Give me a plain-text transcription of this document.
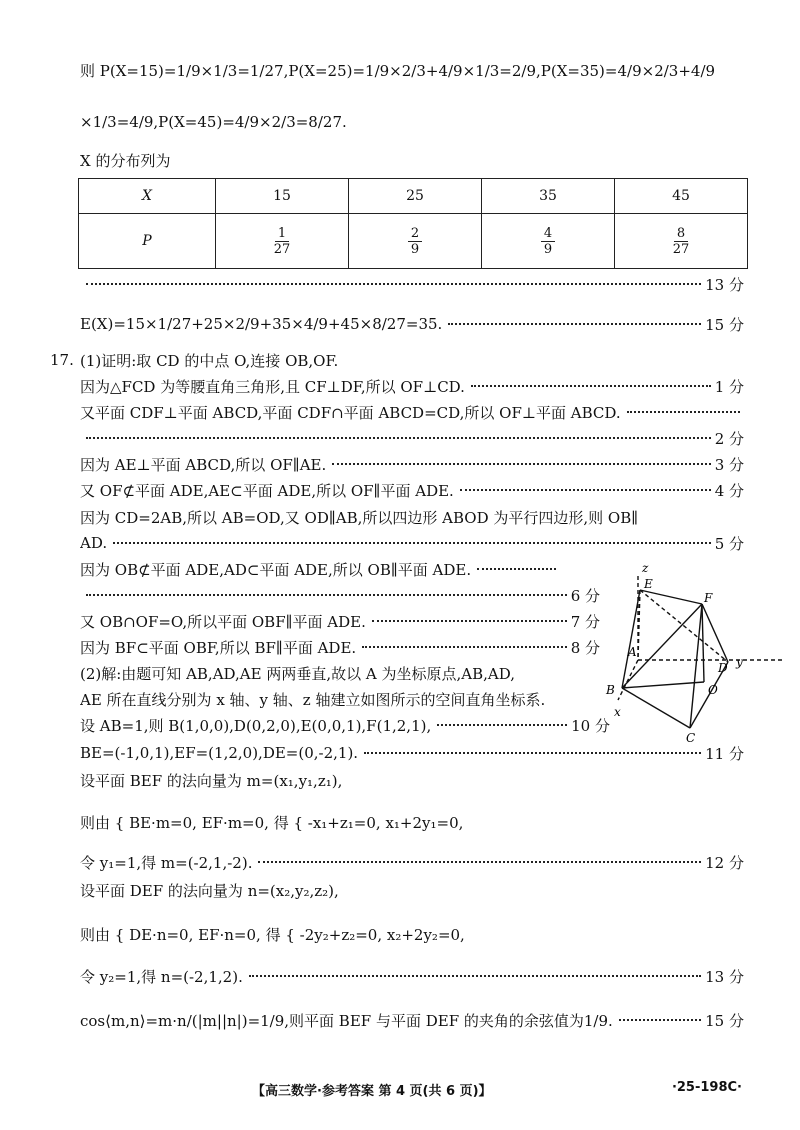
则 P(X=15)=1/9×1/3=1/27,P(X=25)=1/9×2/3+4/9×1/3=2/9,P(X=35)=4/9×2/3+4/9
×1/3=4/9,P(X=45)=4/9×2/3=8/27.
X 的分布列为
X	15	25	35	45
P	$\frac{1}{27}$	$\frac{2}{9}$	$\frac{4}{9}$	$\frac{8}{27}$
13 分
E(X)=15×1/27+25×2/9+35×4/9+45×8/27=35.	15 分
17. (1)证明:取 CD 的中点 O,连接 OB,OF.
因为△FCD 为等腰直角三角形,且 CF⊥DF,所以 OF⊥CD.	1 分
又平面 CDF⊥平面 ABCD,平面 CDF∩平面 ABCD=CD,所以 OF⊥平面 ABCD.
2 分
因为 AE⊥平面 ABCD,所以 OF∥AE.	3 分
又 OF⊄平面 ADE,AE⊂平面 ADE,所以 OF∥平面 ADE.	4 分
因为 CD=2AB,所以 AB=OD,又 OD∥AB,所以四边形 ABOD 为平行四边形,则 OB∥
AD.	5 分
因为 OB⊄平面 ADE,AD⊂平面 ADE,所以 OB∥平面 ADE.
6 分
又 OB∩OF=O,所以平面 OBF∥平面 ADE.	7 分
因为 BF⊂平面 OBF,所以 BF∥平面 ADE.	8 分
(2)解:由题可知 AB,AD,AE 两两垂直,故以 A 为坐标原点,AB,AD,
AE 所在直线分别为 x 轴、y 轴、z 轴建立如图所示的空间直角坐标系.
设 AB=1,则 B(1,0,0),D(0,2,0),E(0,0,1),F(1,2,1),	10 分
BE=(-1,0,1),EF=(1,2,0),DE=(0,-2,1).	11 分
设平面 BEF 的法向量为 m=(x₁,y₁,z₁),
则由 { BE·m=0, EF·m=0, 得 { -x₁+z₁=0, x₁+2y₁=0,
令 y₁=1,得 m=(-2,1,-2).	12 分
设平面 DEF 的法向量为 n=(x₂,y₂,z₂),
则由 { DE·n=0, EF·n=0, 得 { -2y₂+z₂=0, x₂+2y₂=0,
令 y₂=1,得 n=(-2,1,2).	13 分
cos⟨m,n⟩=m·n/(|m||n|)=1/9,则平面 BEF 与平面 DEF 的夹角的余弦值为1/9.	15 分
z
E
F
A
D y
B	O
x
C
【高三数学·参考答案 第 4 页(共 6 页)】	·25-198C·
